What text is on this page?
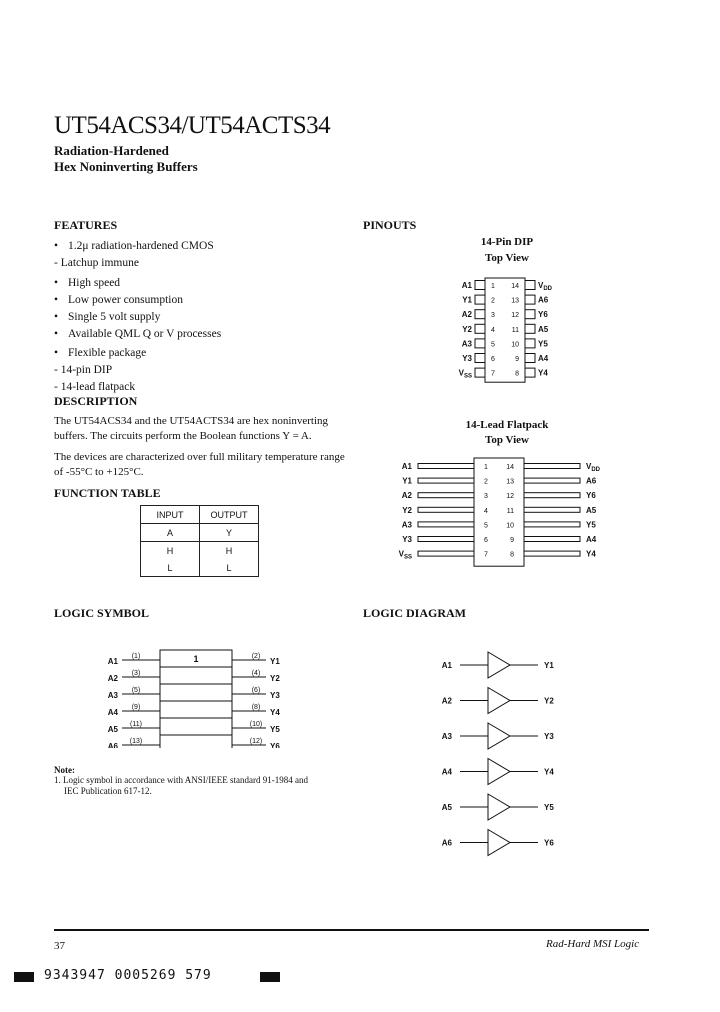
UT54ACS34/UT54ACTS34
Radiation-Hardened
Hex Noninverting Buffers
FEATURES
• 1.2μ radiation-hardened CMOS
- Latchup immune
• High speed
• Low power consumption
• Single 5 volt supply
• Available QML Q or V processes
• Flexible package
- 14-pin DIP
- 14-lead flatpack
DESCRIPTION
The UT54ACS34 and the UT54ACTS34 are hex noninverting buffers. The circuits perform the Boolean functions Y = A.
The devices are characterized over full military temperature range of -55°C to +125°C.
FUNCTION TABLE
INPUT	OUTPUT
A	Y
H	H
L	L
PINOUTS
14-Pin DIP
Top View
A1	1 14 $V_{DD}$
Y1	2 13 A6
A2	3 12 Y6
Y2	4 11 A5
A3	5 10 Y5
Y3	6	9 A4
$V_{SS}$	7	8 Y4
14-Lead Flatpack
Top View
A1	1	14	$V_{DD}$
Y1	2	13	A6
A2	3	12	Y6
Y2	4	11	A5
A3	5	10	Y5
Y3	6	9	A4
$V_{SS}$	7	8	Y4
LOGIC SYMBOL
1
A1
(1)	(2)
Y1
A2
(3)	(4)
Y2
A3
(5)	(6)
Y3
A4
(9)	(8)
Y4
A5
(11)	(10)
Y5
A6
(13)	(12)
Y6
Note:
1. Logic symbol in accordance with ANSI/IEEE standard 91-1984 and
IEC Publication 617-12.
LOGIC DIAGRAM
A1	Y1
A2	Y2
A3	Y3
A4	Y4
A5	Y5
A6	Y6
37	Rad-Hard MSI Logic
9343947 0005269 579
